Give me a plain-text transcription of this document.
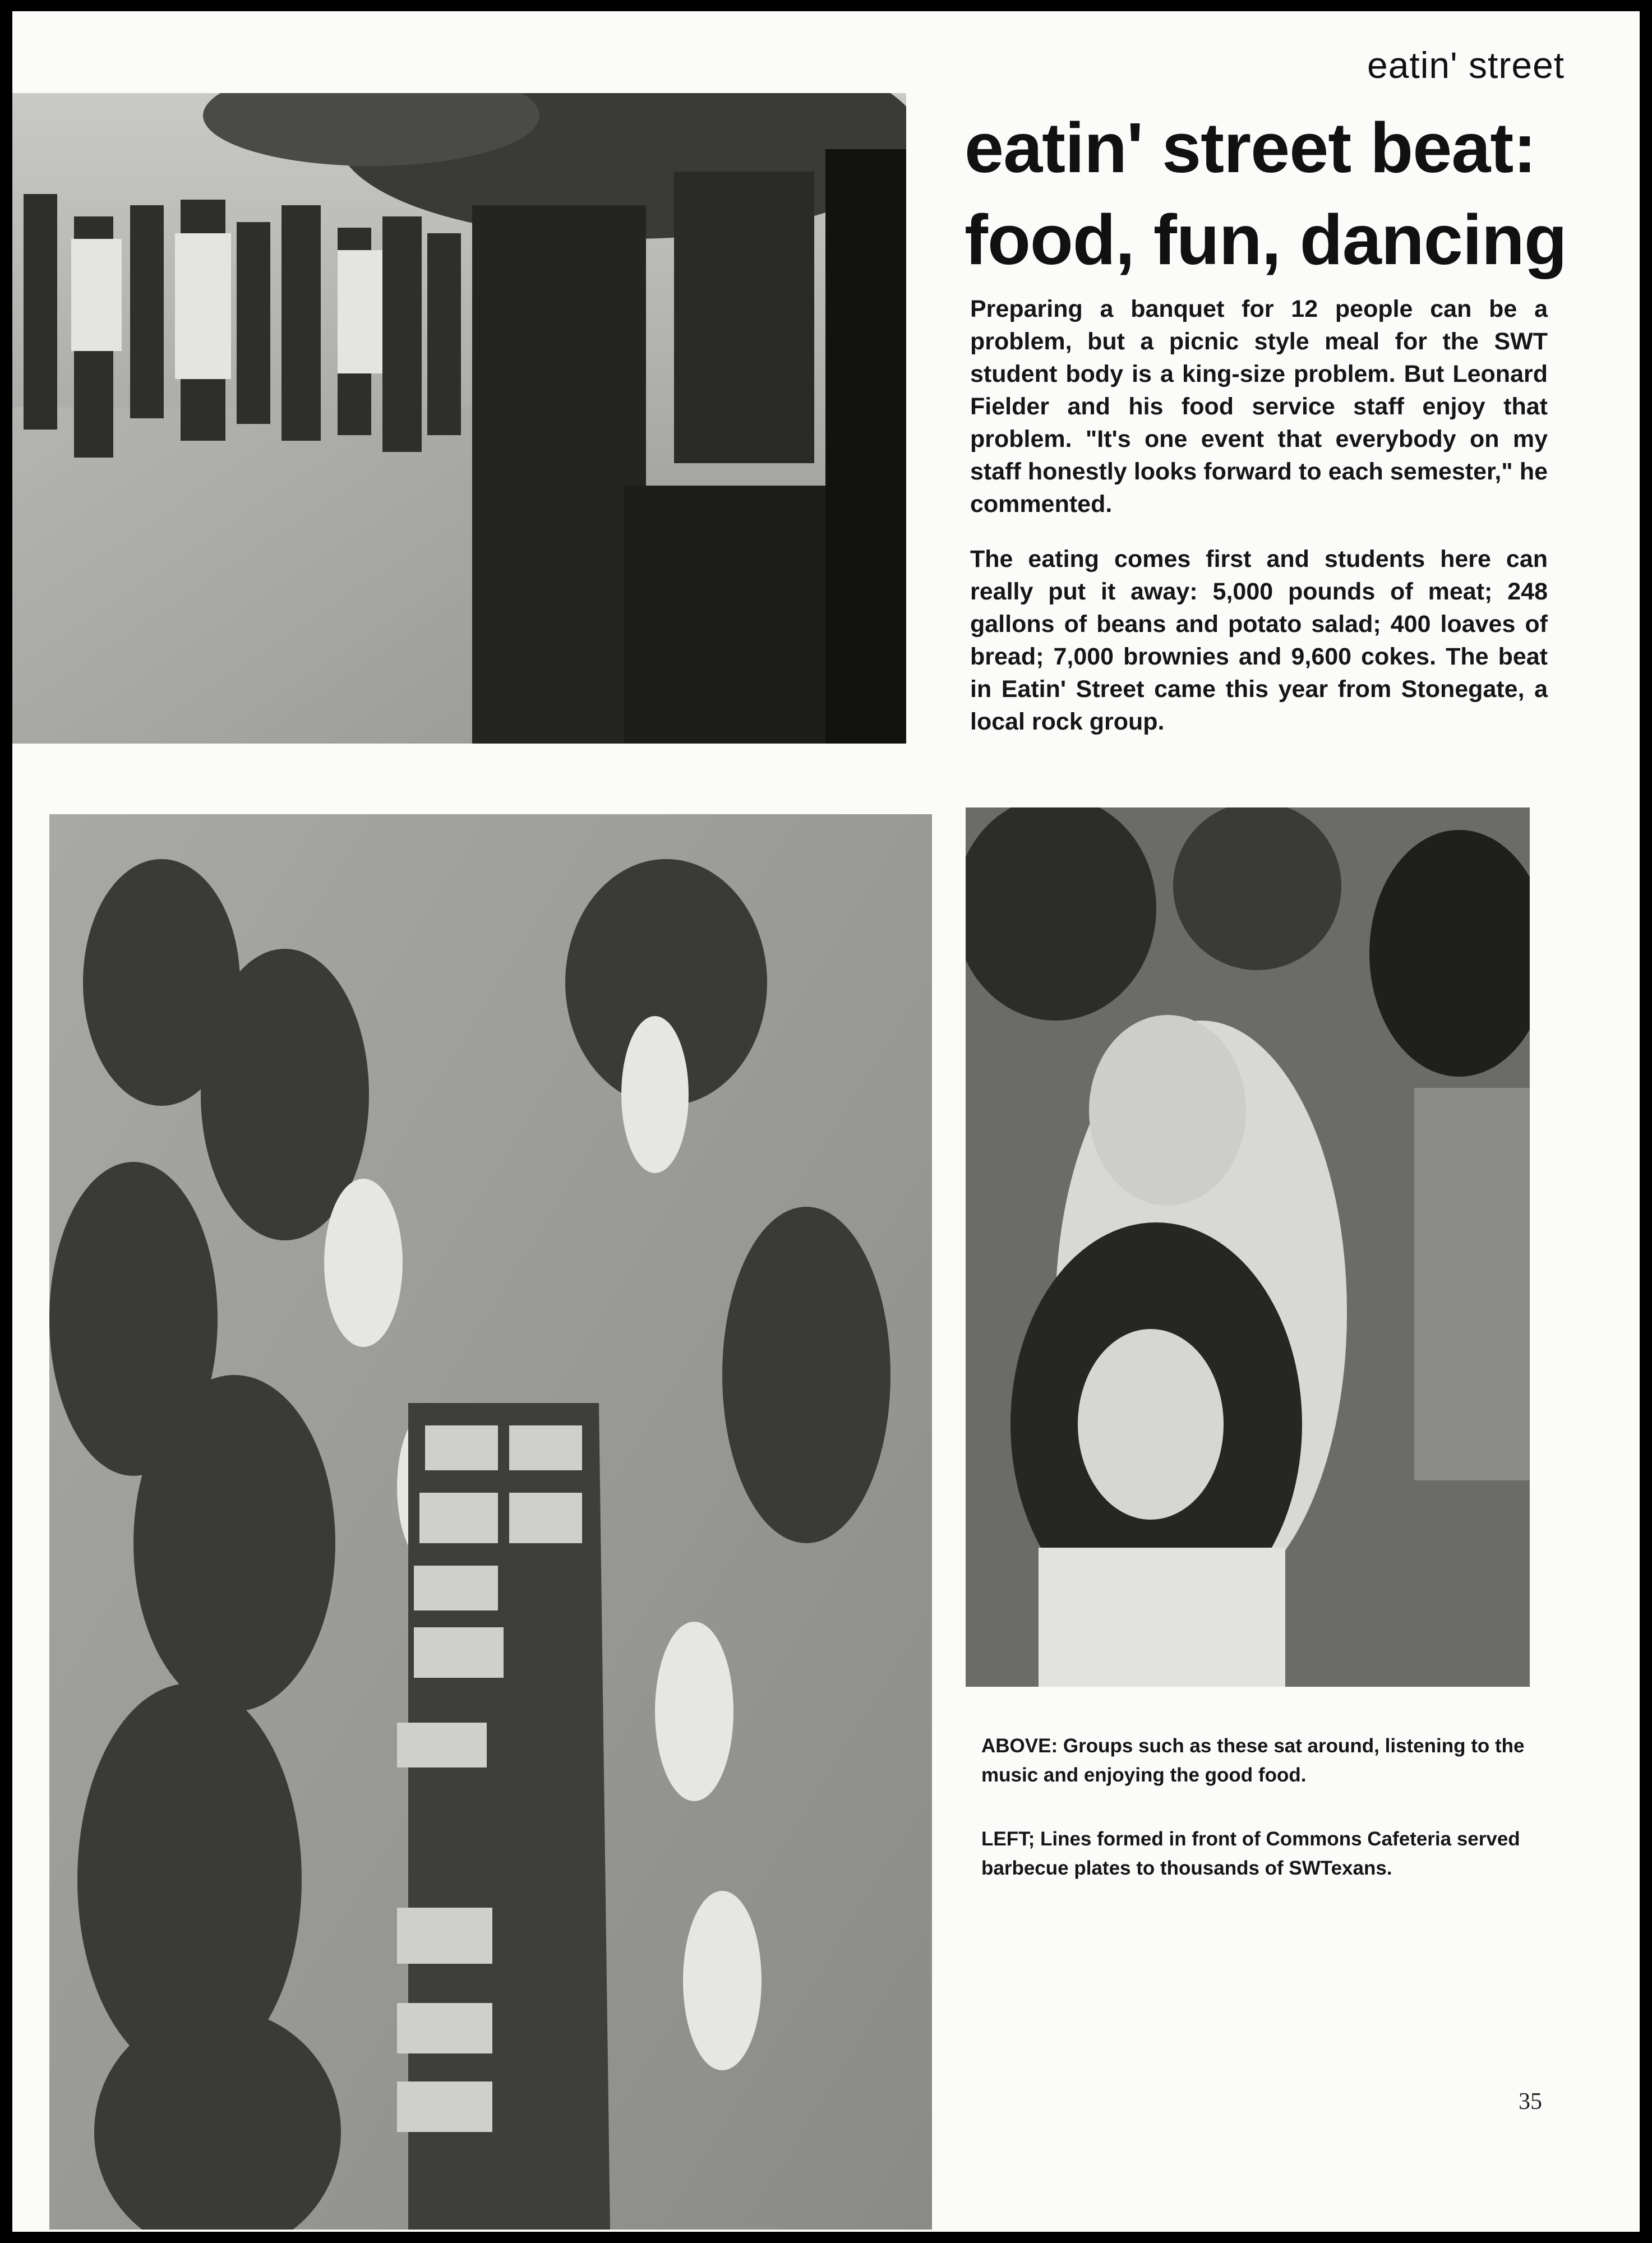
eatin' street
eatin' street beat:
food, fun, dancing

Preparing a banquet for 12 people can be a problem, but a picnic style meal for the SWT student body is a king-size problem. But Leonard Fielder and his food service staff enjoy that problem. "It's one event that everybody on my staff honestly looks forward to each semester," he commented.

The eating comes first and students here can really put it away: 5,000 pounds of meat; 248 gallons of beans and potato salad; 400 loaves of bread; 7,000 brownies and 9,600 cokes. The beat in Eatin' Street came this year from Stonegate, a local rock group.

ABOVE: Groups such as these sat around, listening to the music and enjoying the good food.

LEFT; Lines formed in front of Commons Cafeteria served barbecue plates to thousands of SWTexans.

35
